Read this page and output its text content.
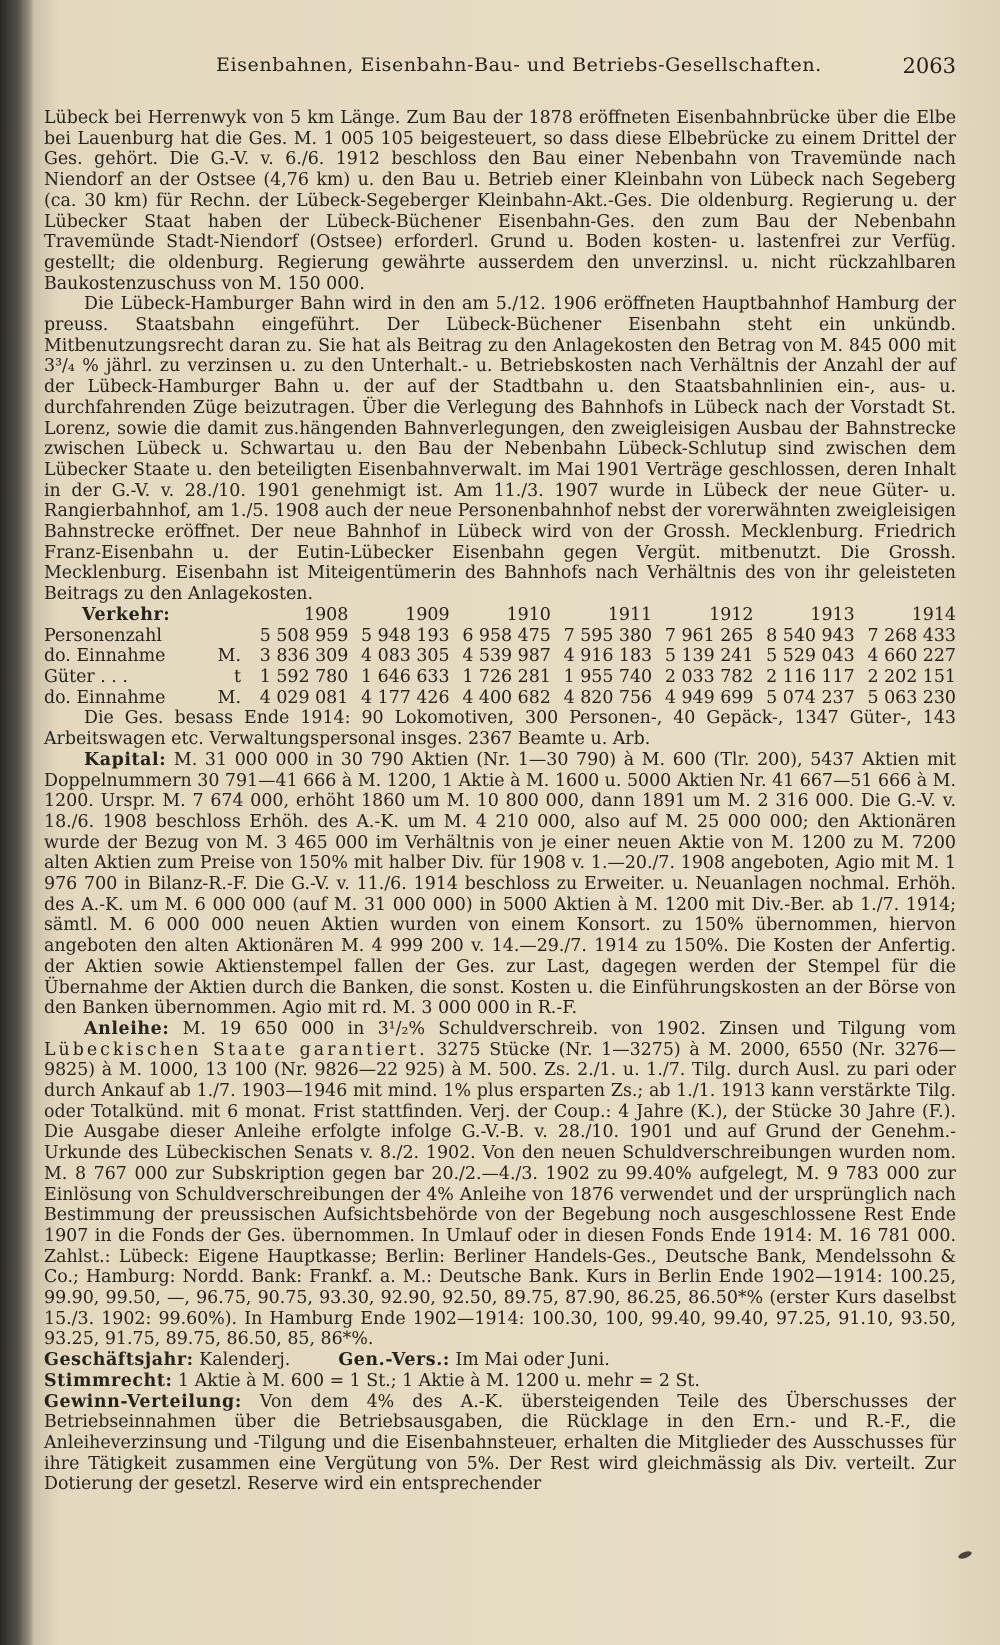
Eisenbahnen, Eisenbahn-Bau- und Betriebs-Gesellschaften.	2063

Lübeck bei Herrenwyk von 5 km Länge. Zum Bau der 1878 eröffneten Eisenbahnbrücke über die Elbe bei Lauenburg hat die Ges. M. 1 005 105 beigesteuert, so dass diese Elbebrücke zu einem Drittel der Ges. gehört. Die G.-V. v. 6./6. 1912 beschloss den Bau einer Nebenbahn von Travemünde nach Niendorf an der Ostsee (4,76 km) u. den Bau u. Betrieb einer Kleinbahn von Lübeck nach Segeberg (ca. 30 km) für Rechn. der Lübeck-Segeberger Kleinbahn-Akt.-Ges. Die oldenburg. Regierung u. der Lübecker Staat haben der Lübeck-Büchener Eisenbahn-Ges. den zum Bau der Nebenbahn Travemünde Stadt-Niendorf (Ostsee) erforderl. Grund u. Boden kosten- u. lastenfrei zur Verfüg. gestellt; die oldenburg. Regierung gewährte ausserdem den unverzinsl. u. nicht rückzahlbaren Baukostenzuschuss von M. 150 000.

Die Lübeck-Hamburger Bahn wird in den am 5./12. 1906 eröffneten Hauptbahnhof Hamburg der preuss. Staatsbahn eingeführt. Der Lübeck-Büchener Eisenbahn steht ein unkündb. Mitbenutzungsrecht daran zu. Sie hat als Beitrag zu den Anlagekosten den Betrag von M. 845 000 mit 3³/₄ % jährl. zu verzinsen u. zu den Unterhalt.- u. Betriebskosten nach Verhältnis der Anzahl der auf der Lübeck-Hamburger Bahn u. der auf der Stadtbahn u. den Staatsbahnlinien ein-, aus- u. durchfahrenden Züge beizutragen. Über die Verlegung des Bahnhofs in Lübeck nach der Vorstadt St. Lorenz, sowie die damit zus.hängenden Bahnverlegungen, den zweigleisigen Ausbau der Bahnstrecke zwischen Lübeck u. Schwartau u. den Bau der Nebenbahn Lübeck-Schlutup sind zwischen dem Lübecker Staate u. den beteiligten Eisenbahnverwalt. im Mai 1901 Verträge geschlossen, deren Inhalt in der G.-V. v. 28./10. 1901 genehmigt ist. Am 11./3. 1907 wurde in Lübeck der neue Güter- u. Rangierbahnhof, am 1./5. 1908 auch der neue Personenbahnhof nebst der vorerwähnten zweigleisigen Bahnstrecke eröffnet. Der neue Bahnhof in Lübeck wird von der Grossh. Mecklenburg. Friedrich Franz-Eisenbahn u. der Eutin-Lübecker Eisenbahn gegen Vergüt. mitbenutzt. Die Grossh. Mecklenburg. Eisenbahn ist Miteigentümerin des Bahnhofs nach Verhältnis des von ihr geleisteten Beitrags zu den Anlagekosten.

Verkehr:	1908	1909	1910	1911	1912	1913	1914
Personenzahl	5 508 959	5 948 193	6 958 475	7 595 380	7 961 265	8 540 943	7 268 433
do. Einnahme M.	3 836 309	4 083 305	4 539 987	4 916 183	5 139 241	5 529 043	4 660 227
Güter . . . t	1 592 780	1 646 633	1 726 281	1 955 740	2 033 782	2 116 117	2 202 151
do. Einnahme M.	4 029 081	4 177 426	4 400 682	4 820 756	4 949 699	5 074 237	5 063 230

Die Ges. besass Ende 1914: 90 Lokomotiven, 300 Personen-, 40 Gepäck-, 1347 Güter-, 143 Arbeitswagen etc. Verwaltungspersonal insges. 2367 Beamte u. Arb.

Kapital: M. 31 000 000 in 30 790 Aktien (Nr. 1—30 790) à M. 600 (Tlr. 200), 5437 Aktien mit Doppelnummern 30 791—41 666 à M. 1200, 1 Aktie à M. 1600 u. 5000 Aktien Nr. 41 667—51 666 à M. 1200. Urspr. M. 7 674 000, erhöht 1860 um M. 10 800 000, dann 1891 um M. 2 316 000. Die G.-V. v. 18./6. 1908 beschloss Erhöh. des A.-K. um M. 4 210 000, also auf M. 25 000 000; den Aktionären wurde der Bezug von M. 3 465 000 im Verhältnis von je einer neuen Aktie von M. 1200 zu M. 7200 alten Aktien zum Preise von 150% mit halber Div. für 1908 v. 1.—20./7. 1908 angeboten, Agio mit M. 1 976 700 in Bilanz-R.-F. Die G.-V. v. 11./6. 1914 beschloss zu Erweiter. u. Neuanlagen nochmal. Erhöh. des A.-K. um M. 6 000 000 (auf M. 31 000 000) in 5000 Aktien à M. 1200 mit Div.-Ber. ab 1./7. 1914; sämtl. M. 6 000 000 neuen Aktien wurden von einem Konsort. zu 150% übernommen, hiervon angeboten den alten Aktionären M. 4 999 200 v. 14.—29./7. 1914 zu 150%. Die Kosten der Anfertig. der Aktien sowie Aktienstempel fallen der Ges. zur Last, dagegen werden der Stempel für die Übernahme der Aktien durch die Banken, die sonst. Kosten u. die Einführungskosten an der Börse von den Banken übernommen. Agio mit rd. M. 3 000 000 in R.-F.

Anleihe: M. 19 650 000 in 3¹/₂% Schuldverschreib. von 1902. Zinsen und Tilgung vom Lübeckischen Staate garantiert. 3275 Stücke (Nr. 1—3275) à M. 2000, 6550 (Nr. 3276—9825) à M. 1000, 13 100 (Nr. 9826—22 925) à M. 500. Zs. 2./1. u. 1./7. Tilg. durch Ausl. zu pari oder durch Ankauf ab 1./7. 1903—1946 mit mind. 1% plus ersparten Zs.; ab 1./1. 1913 kann verstärkte Tilg. oder Totalkünd. mit 6 monat. Frist stattfinden. Verj. der Coup.: 4 Jahre (K.), der Stücke 30 Jahre (F.). Die Ausgabe dieser Anleihe erfolgte infolge G.-V.-B. v. 28./10. 1901 und auf Grund der Genehm.-Urkunde des Lübeckischen Senats v. 8./2. 1902. Von den neuen Schuldverschreibungen wurden nom. M. 8 767 000 zur Subskription gegen bar 20./2.—4./3. 1902 zu 99.40% aufgelegt, M. 9 783 000 zur Einlösung von Schuldverschreibungen der 4% Anleihe von 1876 verwendet und der ursprünglich nach Bestimmung der preussischen Aufsichtsbehörde von der Begebung noch ausgeschlossene Rest Ende 1907 in die Fonds der Ges. übernommen. In Umlauf oder in diesen Fonds Ende 1914: M. 16 781 000. Zahlst.: Lübeck: Eigene Hauptkasse; Berlin: Berliner Handels-Ges., Deutsche Bank, Mendelssohn & Co.; Hamburg: Nordd. Bank: Frankf. a. M.: Deutsche Bank. Kurs in Berlin Ende 1902—1914: 100.25, 99.90, 99.50, —, 96.75, 90.75, 93.30, 92.90, 92.50, 89.75, 87.90, 86.25, 86.50*% (erster Kurs daselbst 15./3. 1902: 99.60%). In Hamburg Ende 1902—1914: 100.30, 100, 99.40, 99.40, 97.25, 91.10, 93.50, 93.25, 91.75, 89.75, 86.50, 85, 86*%.

Geschäftsjahr: Kalenderj.	Gen.-Vers.: Im Mai oder Juni.

Stimmrecht: 1 Aktie à M. 600 = 1 St.; 1 Aktie à M. 1200 u. mehr = 2 St.

Gewinn-Verteilung: Von dem 4% des A.-K. übersteigenden Teile des Überschusses der Betriebseinnahmen über die Betriebsausgaben, die Rücklage in den Ern.- und R.-F., die Anleiheverzinsung und -Tilgung und die Eisenbahnsteuer, erhalten die Mitglieder des Ausschusses für ihre Tätigkeit zusammen eine Vergütung von 5%. Der Rest wird gleichmässig als Div. verteilt. Zur Dotierung der gesetzl. Reserve wird ein entsprechender
